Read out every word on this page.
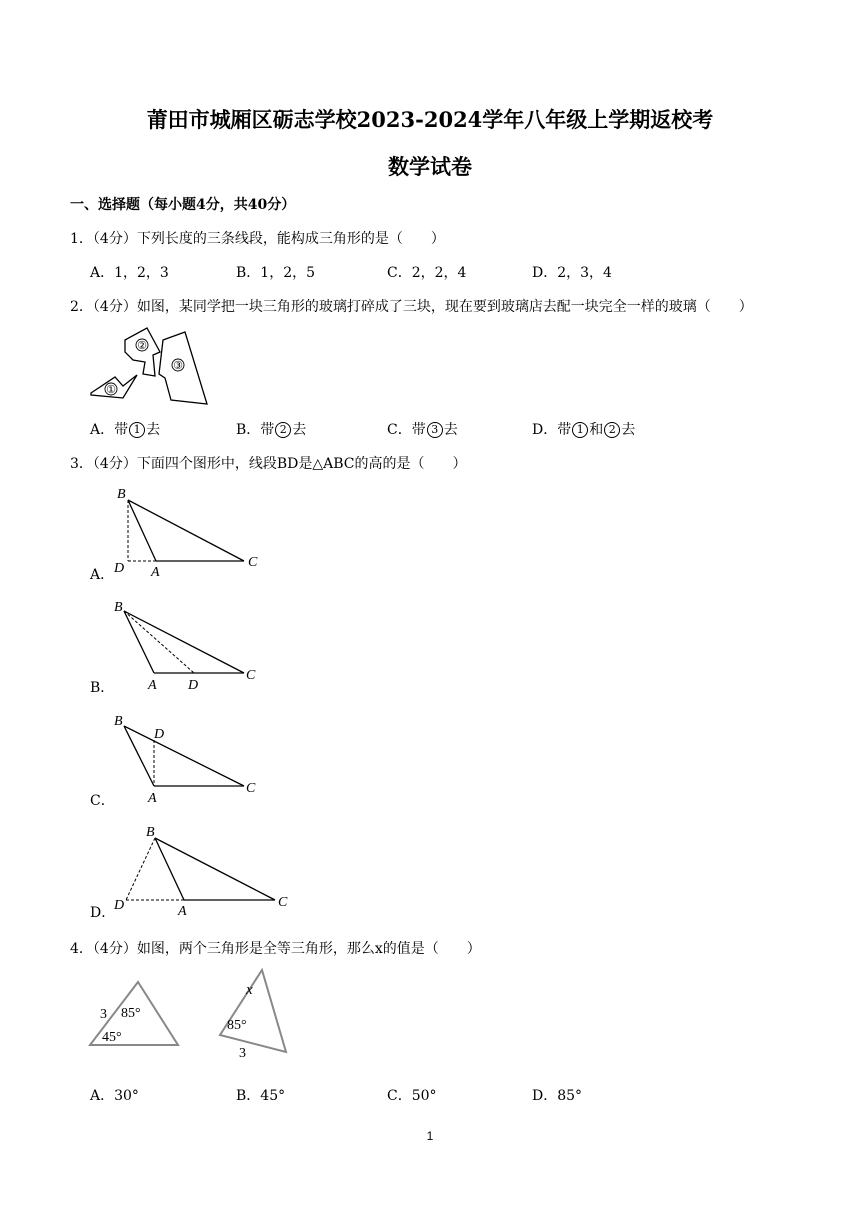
莆田市城厢区砺志学校2023-2024学年八年级上学期返校考
数学试卷
一、选择题（每小题4分，共40分）
1．（4分）下列长度的三条线段，能构成三角形的是（　　）
A．1，2，3	B．1，2，5	C．2，2，4	D．2，3，4
2．（4分）如图，某同学把一块三角形的玻璃打碎成了三块，现在要到玻璃店去配一块完全一样的玻璃（　　）
①
②
③
A．带 1 去	B．带 2 去	C．带 3 去	D．带 1 和 2 去
3．（4分）下面四个图形中，线段BD是△ABC的高的是（　　）
A．
B
D A
C
B．
B
A D
C
C．
B
D
A
C
D．
B
D	A
C
4．（4分）如图，两个三角形是全等三角形，那么x的值是（　　）
3 85°
45°
x
85°
3
A．30°	B．45°	C．50°	D．85°
1
